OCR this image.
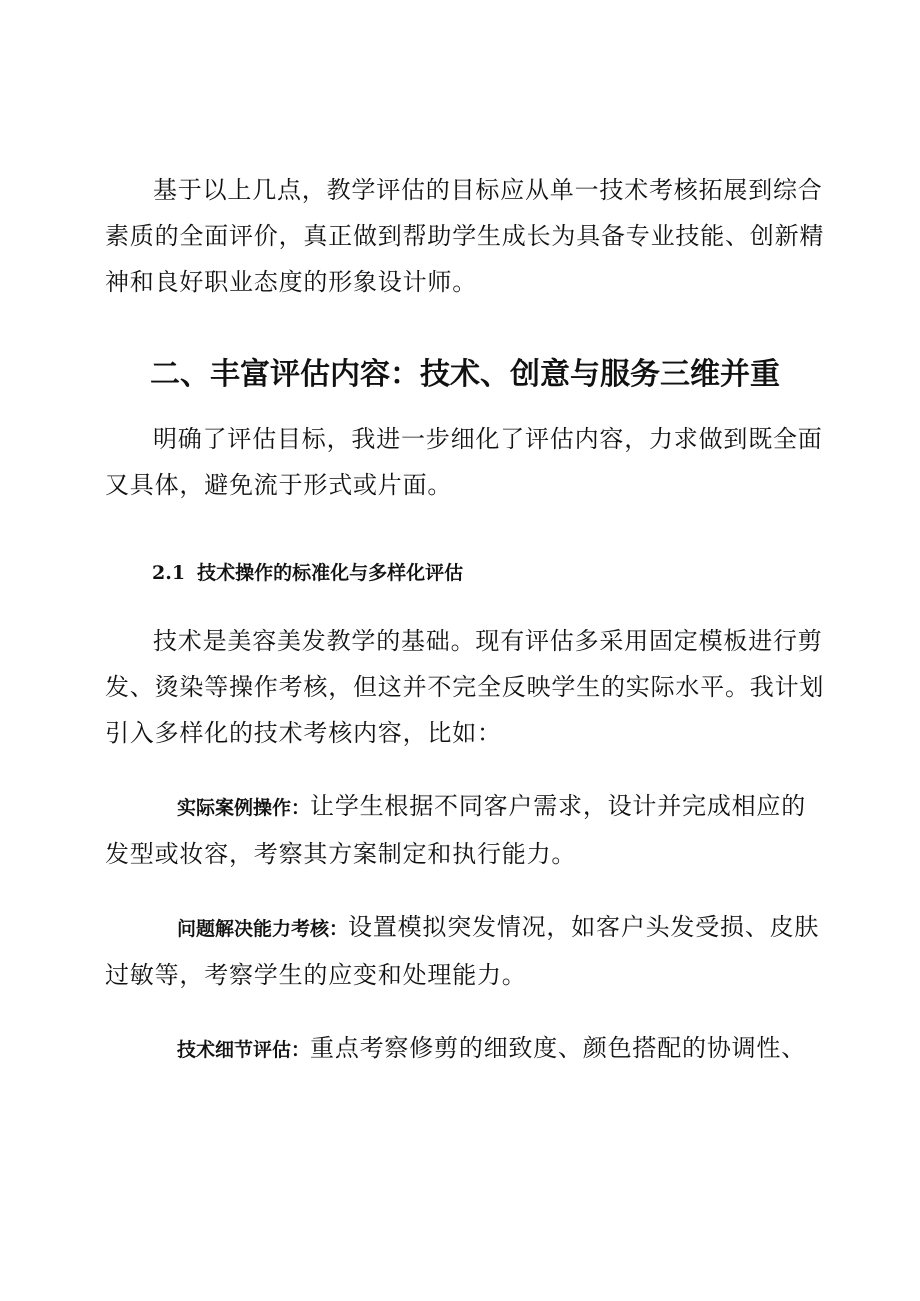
基于以上几点，教学评估的目标应从单一技术考核拓展到综合素质的全面评价，真正做到帮助学生成长为具备专业技能、创新精神和良好职业态度的形象设计师。

二、丰富评估内容：技术、创意与服务三维并重

明确了评估目标，我进一步细化了评估内容，力求做到既全面又具体，避免流于形式或片面。

2.1 技术操作的标准化与多样化评估

技术是美容美发教学的基础。现有评估多采用固定模板进行剪发、烫染等操作考核，但这并不完全反映学生的实际水平。我计划引入多样化的技术考核内容，比如：

实际案例操作：让学生根据不同客户需求，设计并完成相应的发型或妆容，考察其方案制定和执行能力。

问题解决能力考核：设置模拟突发情况，如客户头发受损、皮肤过敏等，考察学生的应变和处理能力。

技术细节评估：重点考察修剪的细致度、颜色搭配的协调性、
